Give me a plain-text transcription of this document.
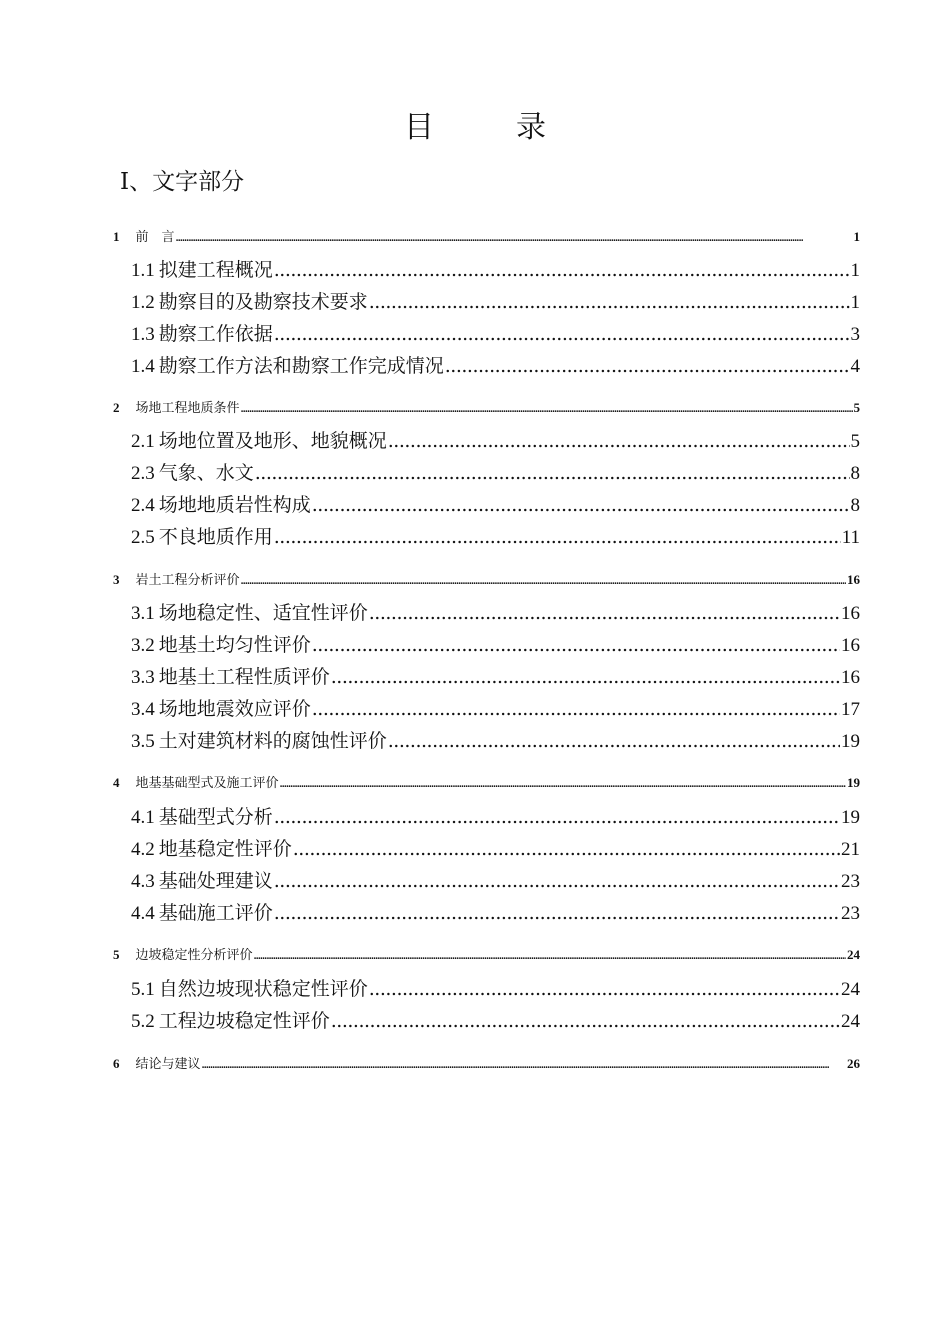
目　录
Ⅰ、文字部分
1 前　言 .....	1
1.1 拟建工程概况 .....	1
1.2 勘察目的及勘察技术要求 .....	1
1.3 勘察工作依据 .....	3
1.4 勘察工作方法和勘察工作完成情况 .....	4
2 场地工程地质条件 .....	5
2.1 场地位置及地形、地貌概况 .....	5
2.3 气象、水文 .....	8
2.4 场地地质岩性构成 .....	8
2.5 不良地质作用 .....	11
3 岩土工程分析评价 .....	16
3.1 场地稳定性、适宜性评价 .....	16
3.2 地基土均匀性评价 .....	16
3.3 地基土工程性质评价 .....	16
3.4 场地地震效应评价 .....	17
3.5 土对建筑材料的腐蚀性评价 .....	19
4 地基基础型式及施工评价 .....	19
4.1 基础型式分析 .....	19
4.2 地基稳定性评价 .....	21
4.3 基础处理建议 .....	23
4.4 基础施工评价 .....	23
5 边坡稳定性分析评价 .....	24
5.1 自然边坡现状稳定性评价 .....	24
5.2 工程边坡稳定性评价 .....	24
6 结论与建议 .....	26
